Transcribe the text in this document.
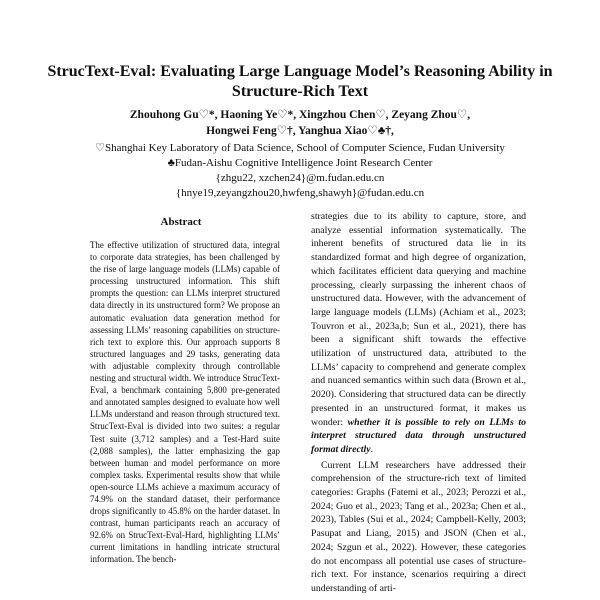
StrucText-Eval: Evaluating Large Language Model’s Reasoning Ability in
Structure-Rich Text
Zhouhong Gu♡*, Haoning Ye♡*, Xingzhou Chen♡, Zeyang Zhou♡,
Hongwei Feng♡†, Yanghua Xiao♡♣†,
♡Shanghai Key Laboratory of Data Science, School of Computer Science, Fudan University
♣Fudan-Aishu Cognitive Intelligence Joint Research Center
{zhgu22, xzchen24}@m.fudan.edu.cn
{hnye19,zeyangzhou20,hwfeng,shawyh}@fudan.edu.cn
Abstract
The effective utilization of structured data, integral to corporate data strategies, has been challenged by the rise of large language models (LLMs) capable of processing unstructured information. This shift prompts the question: can LLMs interpret structured data directly in its unstructured form? We propose an automatic evaluation data generation method for assessing LLMs’ reasoning capabilities on structure-rich text to explore this. Our approach supports 8 structured languages and 29 tasks, generating data with adjustable complexity through controllable nesting and structural width. We introduce StrucText-Eval, a benchmark containing 5,800 pre-generated and annotated samples designed to evaluate how well LLMs understand and reason through structured text. StrucText-Eval is divided into two suites: a regular Test suite (3,712 samples) and a Test-Hard suite (2,088 samples), the latter emphasizing the gap between human and model performance on more complex tasks. Experimental results show that while open-source LLMs achieve a maximum accuracy of 74.9% on the standard dataset, their performance drops significantly to 45.8% on the harder dataset. In contrast, human participants reach an accuracy of 92.6% on StrucText-Eval-Hard, highlighting LLMs’ current limitations in handling intricate structural information. The bench-

strategies due to its ability to capture, store, and analyze essential information systematically. The inherent benefits of structured data lie in its standardized format and high degree of organization, which facilitates efficient data querying and machine processing, clearly surpassing the inherent chaos of unstructured data. However, with the advancement of large language models (LLMs) (Achiam et al., 2023; Touvron et al., 2023a,b; Sun et al., 2021), there has been a significant shift towards the effective utilization of unstructured data, attributed to the LLMs’ capacity to comprehend and generate complex and nuanced semantics within such data (Brown et al., 2020). Considering that structured data can be directly presented in an unstructured format, it makes us wonder: whether it is possible to rely on LLMs to interpret structured data through unstructured format directly.

Current LLM researchers have addressed their comprehension of the structure-rich text of limited categories: Graphs (Fatemi et al., 2023; Perozzi et al., 2024; Guo et al., 2023; Tang et al., 2023a; Chen et al., 2023), Tables (Sui et al., 2024; Campbell-Kelly, 2003; Pasupat and Liang, 2015) and JSON (Chen et al., 2024; Szgun et al., 2022). However, these categories do not encompass all potential use cases of structure-rich text. For instance, scenarios requiring a direct understanding of arti-
